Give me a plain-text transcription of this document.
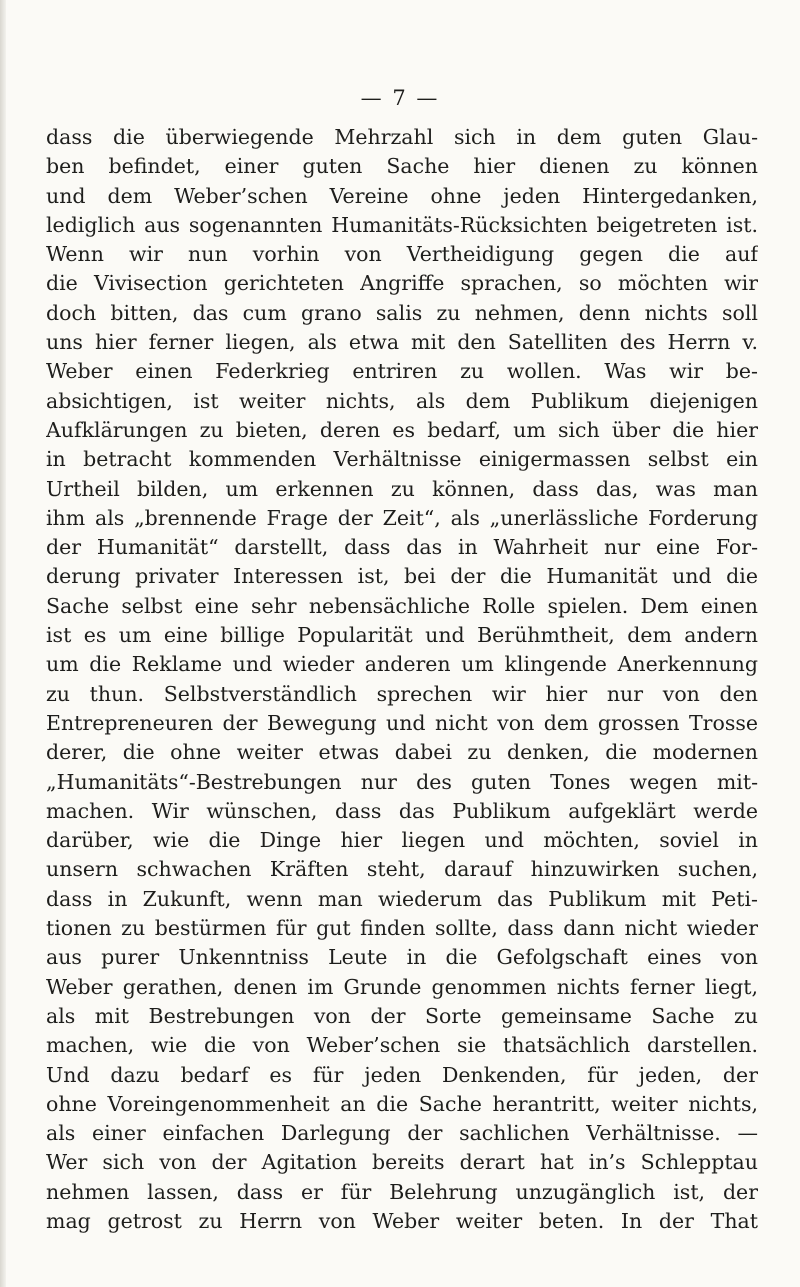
— 7 —
dass die überwiegende Mehrzahl sich in dem guten Glau-
ben befindet, einer guten Sache hier dienen zu können
und dem Weber’schen Vereine ohne jeden Hintergedanken,
lediglich aus sogenannten Humanitäts-Rücksichten beigetreten ist.
Wenn wir nun vorhin von Vertheidigung gegen die auf
die Vivisection gerichteten Angriffe sprachen, so möchten wir
doch bitten, das cum grano salis zu nehmen, denn nichts soll
uns hier ferner liegen, als etwa mit den Satelliten des Herrn v.
Weber einen Federkrieg entriren zu wollen. Was wir be-
absichtigen, ist weiter nichts, als dem Publikum diejenigen
Aufklärungen zu bieten, deren es bedarf, um sich über die hier
in betracht kommenden Verhältnisse einigermassen selbst ein
Urtheil bilden, um erkennen zu können, dass das, was man
ihm als „brennende Frage der Zeit“, als „unerlässliche Forderung
der Humanität“ darstellt, dass das in Wahrheit nur eine For-
derung privater Interessen ist, bei der die Humanität und die
Sache selbst eine sehr nebensächliche Rolle spielen. Dem einen
ist es um eine billige Popularität und Berühmtheit, dem andern
um die Reklame und wieder anderen um klingende Anerkennung
zu thun. Selbstverständlich sprechen wir hier nur von den
Entrepreneuren der Bewegung und nicht von dem grossen Trosse
derer, die ohne weiter etwas dabei zu denken, die modernen
„Humanitäts“-Bestrebungen nur des guten Tones wegen mit-
machen. Wir wünschen, dass das Publikum aufgeklärt werde
darüber, wie die Dinge hier liegen und möchten, soviel in
unsern schwachen Kräften steht, darauf hinzuwirken suchen,
dass in Zukunft, wenn man wiederum das Publikum mit Peti-
tionen zu bestürmen für gut finden sollte, dass dann nicht wieder
aus purer Unkenntniss Leute in die Gefolgschaft eines von
Weber gerathen, denen im Grunde genommen nichts ferner liegt,
als mit Bestrebungen von der Sorte gemeinsame Sache zu
machen, wie die von Weber’schen sie thatsächlich darstellen.
Und dazu bedarf es für jeden Denkenden, für jeden, der
ohne Voreingenommenheit an die Sache herantritt, weiter nichts,
als einer einfachen Darlegung der sachlichen Verhältnisse. —
Wer sich von der Agitation bereits derart hat in’s Schlepptau
nehmen lassen, dass er für Belehrung unzugänglich ist, der
mag getrost zu Herrn von Weber weiter beten. In der That
